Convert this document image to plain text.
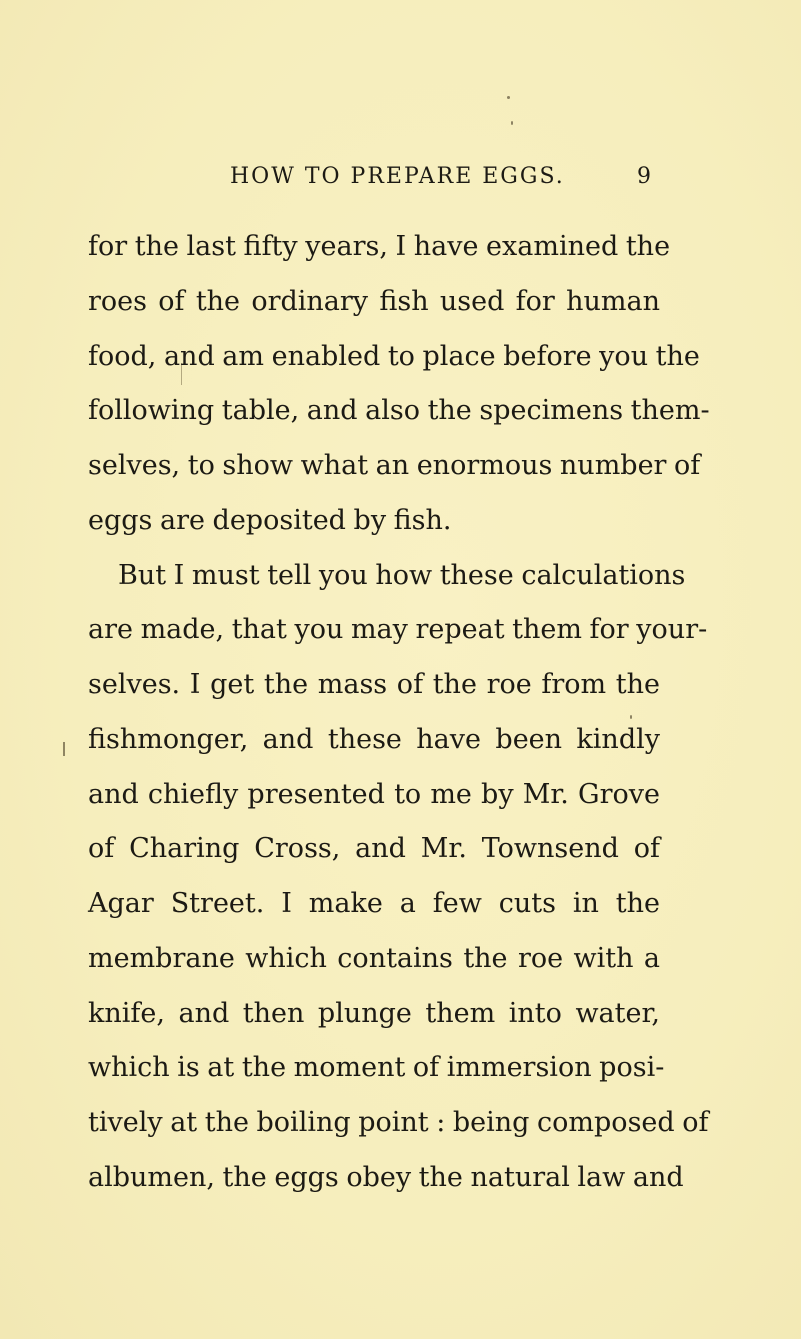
HOW TO PREPARE EGGS.	9
for the last fifty years, I have examined the
roes of the ordinary fish used for human
food, and am enabled to place before you the
following table, and also the specimens them-
selves, to show what an enormous number of
eggs are deposited by fish.
But I must tell you how these calculations
are made, that you may repeat them for your-
selves. I get the mass of the roe from the
fishmonger, and these have been kindly
and chiefly presented to me by Mr. Grove
of Charing Cross, and Mr. Townsend of
Agar Street. I make a few cuts in the
membrane which contains the roe with a
knife, and then plunge them into water,
which is at the moment of immersion posi-
tively at the boiling point : being composed of
albumen, the eggs obey the natural law and
